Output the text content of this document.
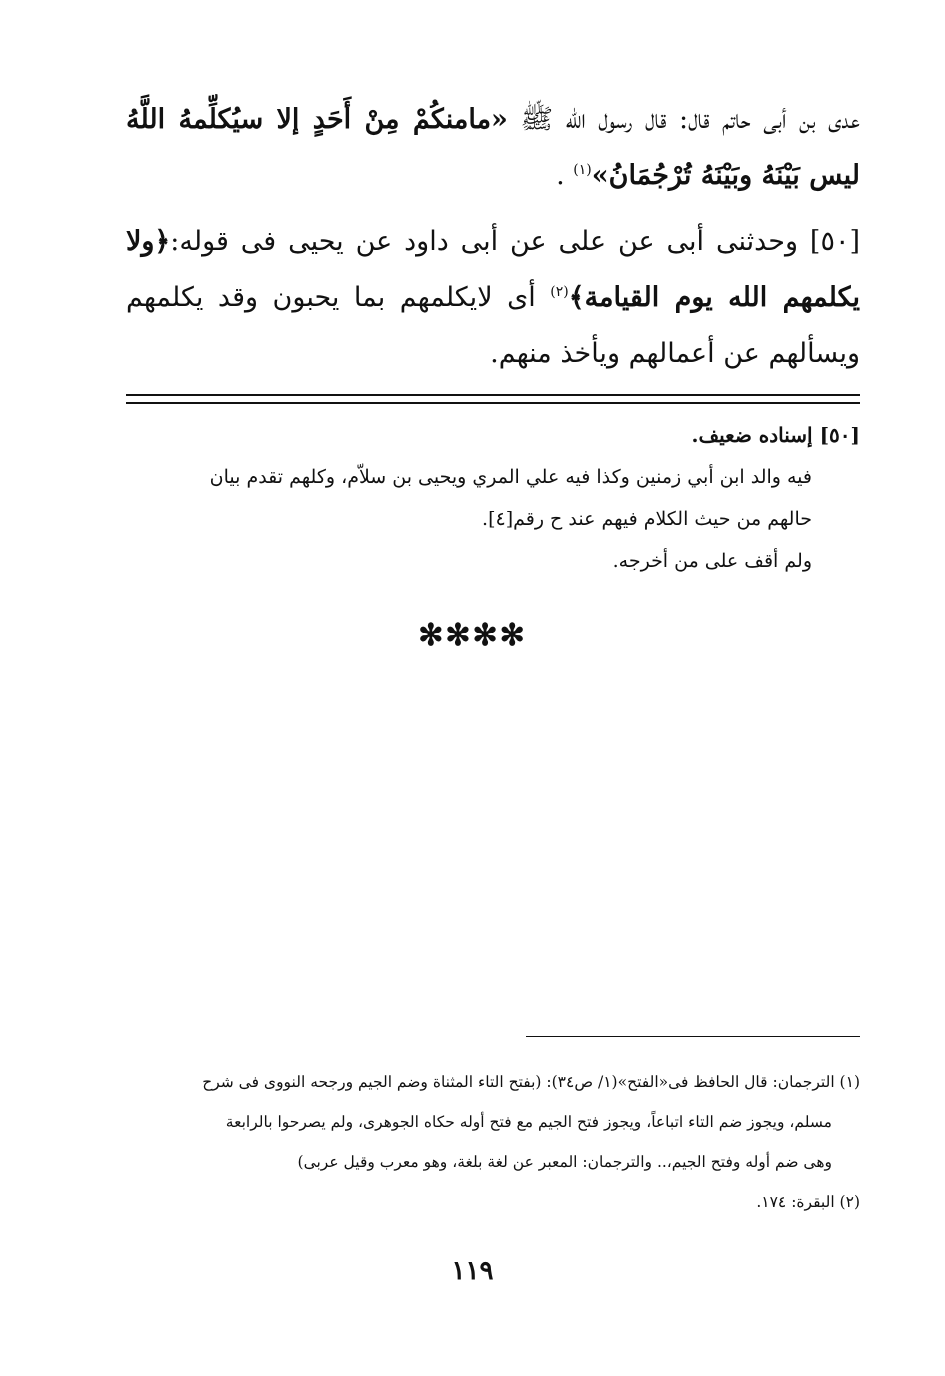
عدى بن أبى حاتم قال: قال رسول الله ﷺ «مامنكُمْ مِنْ أَحَدٍ إلا سيُكلِّمهُ اللَّهُ ليس بَيْنَهُ وبَيْنَهُ تُرْجُمَانُ»$^{(١)}$ .

[٥٠] وحدثنى أبى عن على عن أبى داود عن يحيى فى قوله:﴿ولا يكلمهم الله يوم القيامة﴾$^{(٢)}$ أى لايكلمهم بما يحبون وقد يكلمهم ويسألهم عن أعمالهم ويأخذ منهم.

[٥٠] إسناده ضعيف.
فيه والد ابن أبي زمنين وكذا فيه علي المري ويحيى بن سلاّم، وكلهم تقدم بيان
حالهم من حيث الكلام فيهم عند ح رقم[٤].
ولم أقف على من أخرجه.
✻✻✻✻
(١) الترجمان: قال الحافظ فى«الفتح»(١/ ص٣٤): (بفتح التاء المثناة وضم الجيم ورجحه النووى فى شرح
مسلم، ويجوز ضم التاء اتباعاً، ويجوز فتح الجيم مع فتح أوله حكاه الجوهرى، ولم يصرحوا بالرابعة
وهى ضم أوله وفتح الجيم،.. والترجمان: المعبر عن لغة بلغة، وهو معرب وقيل عربى)
(٢) البقرة: ١٧٤.
١١٩
